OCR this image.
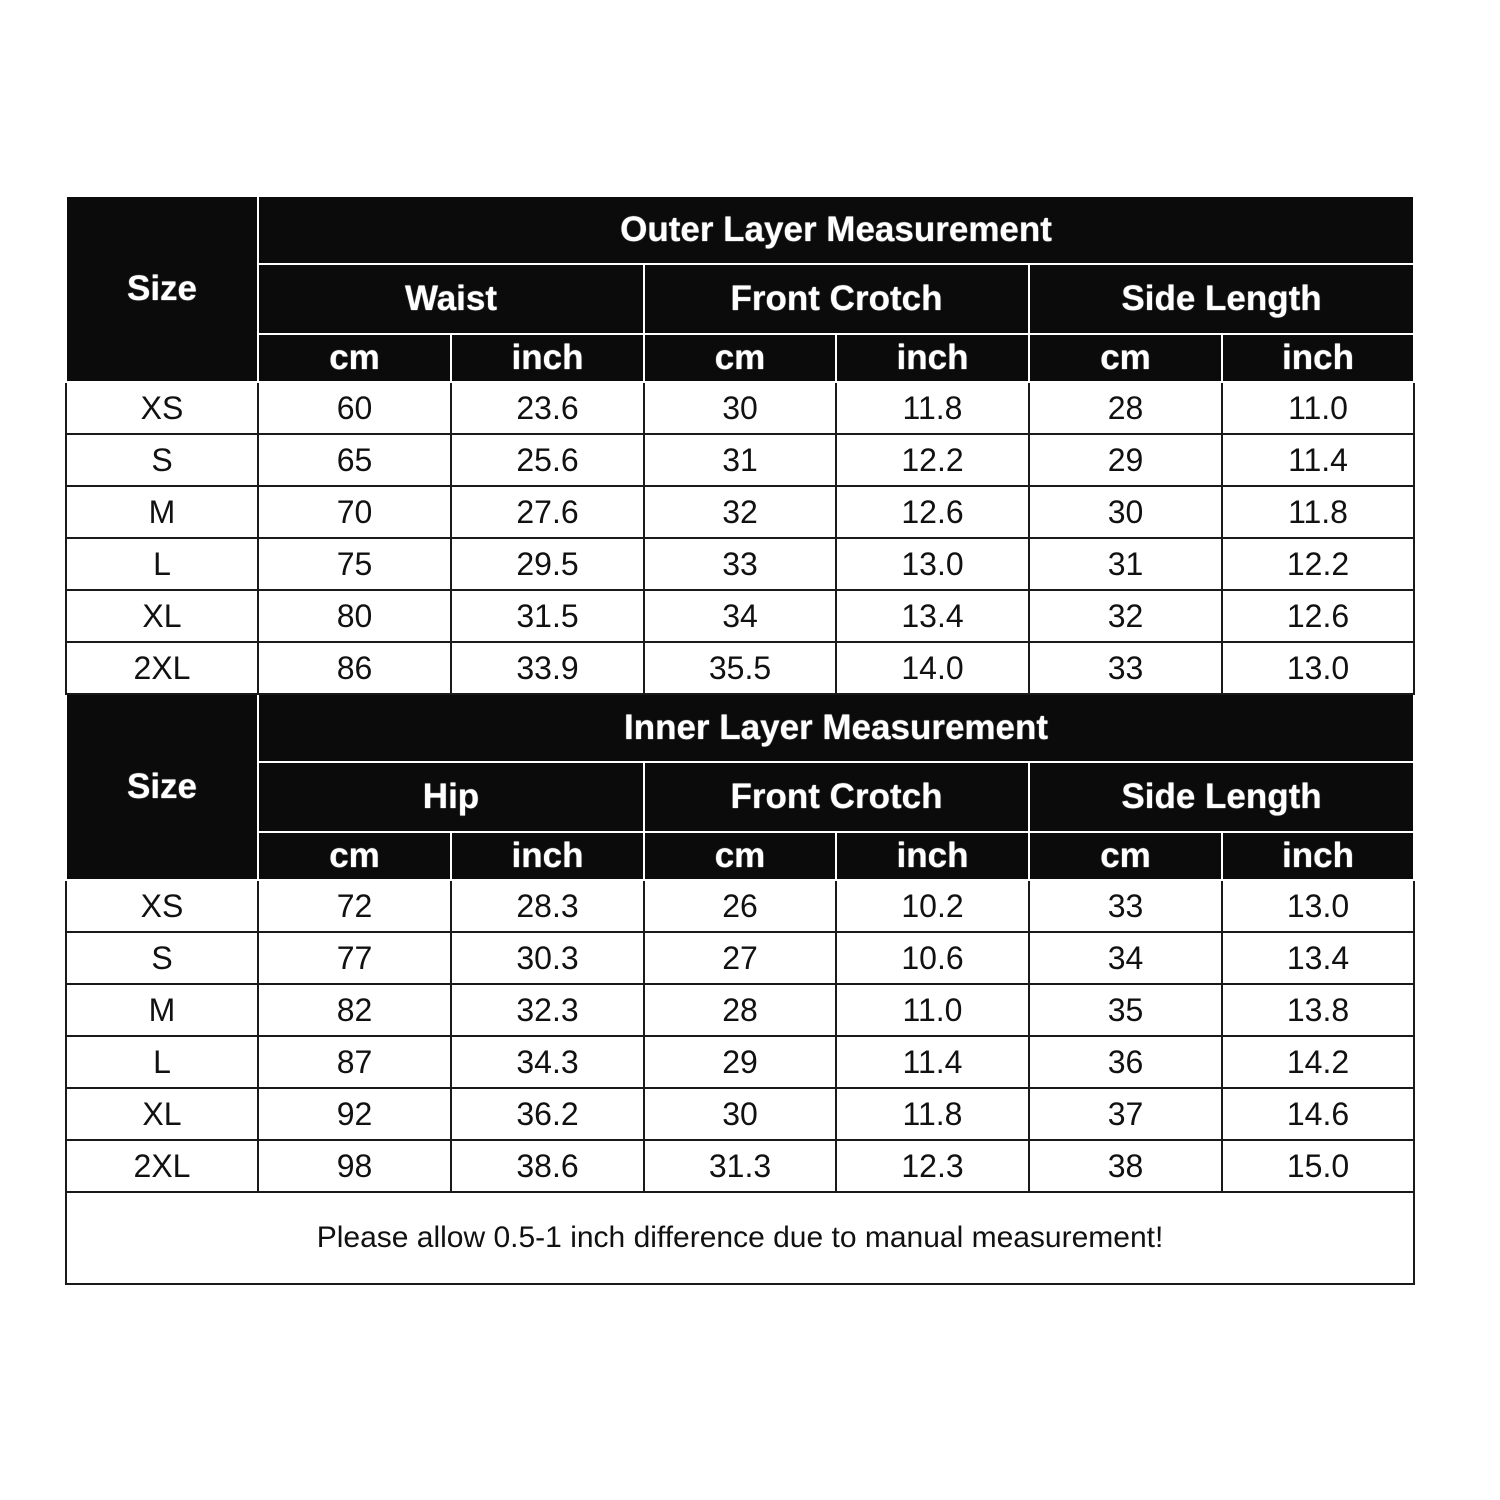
Size	Outer Layer Measurement					
	Waist		Front Crotch		Side Length	
	cm	inch	cm	inch	cm	inch
XS	60	23.6	30	11.8	28	11.0
S	65	25.6	31	12.2	29	11.4
M	70	27.6	32	12.6	30	11.8
L	75	29.5	33	13.0	31	12.2
XL	80	31.5	34	13.4	32	12.6
2XL	86	33.9	35.5	14.0	33	13.0
Size	Inner Layer Measurement					
	Hip		Front Crotch		Side Length	
	cm	inch	cm	inch	cm	inch
XS	72	28.3	26	10.2	33	13.0
S	77	30.3	27	10.6	34	13.4
M	82	32.3	28	11.0	35	13.8
L	87	34.3	29	11.4	36	14.2
XL	92	36.2	30	11.8	37	14.6
2XL	98	38.6	31.3	12.3	38	15.0
Please allow 0.5-1 inch difference due to manual measurement!						
